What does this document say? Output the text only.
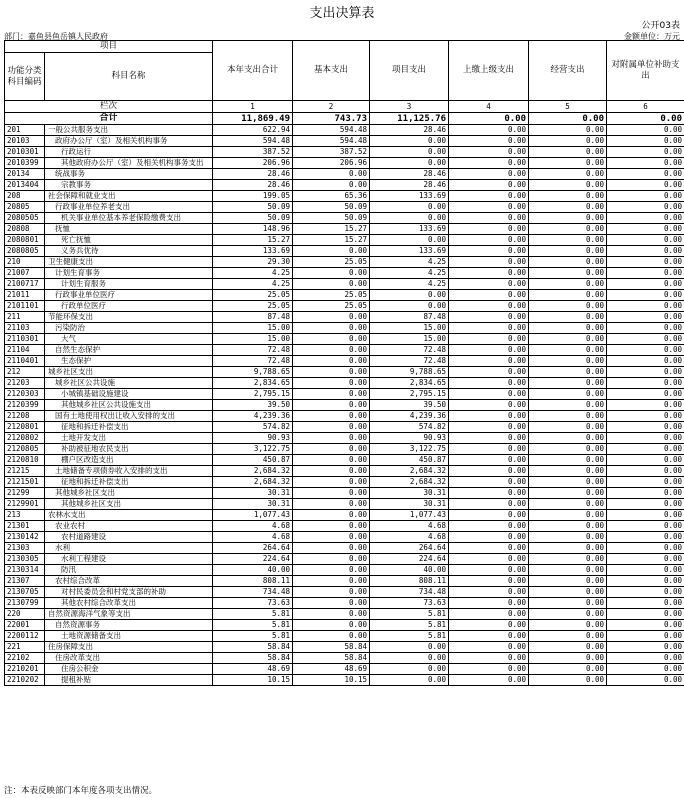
支出决算表
公开03表
部门：嘉鱼县鱼岳镇人民政府	金额单位：万元
项目		本年支出合计	基本支出	项目支出	上缴上级支出	经营支出	对附属单位补助支出
功能分类科目编码	科目名称						

栏次		1	2	3	4	5	6
合计		11,869.49	743.73	11,125.76	0.00	0.00	0.00
201	一般公共服务支出	622.94	594.48	28.46	0.00	0.00	0.00
20103	政府办公厅（室）及相关机构事务	594.48	594.48	0.00	0.00	0.00	0.00
2010301	行政运行	387.52	387.52	0.00	0.00	0.00	0.00
2010399	其他政府办公厅（室）及相关机构事务支出	206.96	206.96	0.00	0.00	0.00	0.00
20134	统战事务	28.46	0.00	28.46	0.00	0.00	0.00
2013404	宗教事务	28.46	0.00	28.46	0.00	0.00	0.00
208	社会保障和就业支出	199.05	65.36	133.69	0.00	0.00	0.00
20805	行政事业单位养老支出	50.09	50.09	0.00	0.00	0.00	0.00
2080505	机关事业单位基本养老保险缴费支出	50.09	50.09	0.00	0.00	0.00	0.00
20808	抚恤	148.96	15.27	133.69	0.00	0.00	0.00
2080801	死亡抚恤	15.27	15.27	0.00	0.00	0.00	0.00
2080805	义务兵优待	133.69	0.00	133.69	0.00	0.00	0.00
210	卫生健康支出	29.30	25.05	4.25	0.00	0.00	0.00
21007	计划生育事务	4.25	0.00	4.25	0.00	0.00	0.00
2100717	计划生育服务	4.25	0.00	4.25	0.00	0.00	0.00
21011	行政事业单位医疗	25.05	25.05	0.00	0.00	0.00	0.00
2101101	行政单位医疗	25.05	25.05	0.00	0.00	0.00	0.00
211	节能环保支出	87.48	0.00	87.48	0.00	0.00	0.00
21103	污染防治	15.00	0.00	15.00	0.00	0.00	0.00
2110301	大气	15.00	0.00	15.00	0.00	0.00	0.00
21104	自然生态保护	72.48	0.00	72.48	0.00	0.00	0.00
2110401	生态保护	72.48	0.00	72.48	0.00	0.00	0.00
212	城乡社区支出	9,788.65	0.00	9,788.65	0.00	0.00	0.00
21203	城乡社区公共设施	2,834.65	0.00	2,834.65	0.00	0.00	0.00
2120303	小城镇基础设施建设	2,795.15	0.00	2,795.15	0.00	0.00	0.00
2120399	其他城乡社区公共设施支出	39.50	0.00	39.50	0.00	0.00	0.00
21208	国有土地使用权出让收入安排的支出	4,239.36	0.00	4,239.36	0.00	0.00	0.00
2120801	征地和拆迁补偿支出	574.82	0.00	574.82	0.00	0.00	0.00
2120802	土地开发支出	90.93	0.00	90.93	0.00	0.00	0.00
2120805	补助被征地农民支出	3,122.75	0.00	3,122.75	0.00	0.00	0.00
2120810	棚户区改造支出	450.87	0.00	450.87	0.00	0.00	0.00
21215	土地储备专项债券收入安排的支出	2,684.32	0.00	2,684.32	0.00	0.00	0.00
2121501	征地和拆迁补偿支出	2,684.32	0.00	2,684.32	0.00	0.00	0.00
21299	其他城乡社区支出	30.31	0.00	30.31	0.00	0.00	0.00
2129901	其他城乡社区支出	30.31	0.00	30.31	0.00	0.00	0.00
213	农林水支出	1,077.43	0.00	1,077.43	0.00	0.00	0.00
21301	农业农村	4.68	0.00	4.68	0.00	0.00	0.00
2130142	农村道路建设	4.68	0.00	4.68	0.00	0.00	0.00
21303	水利	264.64	0.00	264.64	0.00	0.00	0.00
2130305	水利工程建设	224.64	0.00	224.64	0.00	0.00	0.00
2130314	防汛	40.00	0.00	40.00	0.00	0.00	0.00
21307	农村综合改革	808.11	0.00	808.11	0.00	0.00	0.00
2130705	对村民委员会和村党支部的补助	734.48	0.00	734.48	0.00	0.00	0.00
2130799	其他农村综合改革支出	73.63	0.00	73.63	0.00	0.00	0.00
220	自然资源海洋气象等支出	5.81	0.00	5.81	0.00	0.00	0.00
22001	自然资源事务	5.81	0.00	5.81	0.00	0.00	0.00
2200112	土地资源储备支出	5.81	0.00	5.81	0.00	0.00	0.00
221	住房保障支出	58.84	58.84	0.00	0.00	0.00	0.00
22102	住房改革支出	58.84	58.84	0.00	0.00	0.00	0.00
2210201	住房公积金	48.69	48.69	0.00	0.00	0.00	0.00
2210202	提租补贴	10.15	10.15	0.00	0.00	0.00	0.00
注：本表反映部门本年度各项支出情况。
